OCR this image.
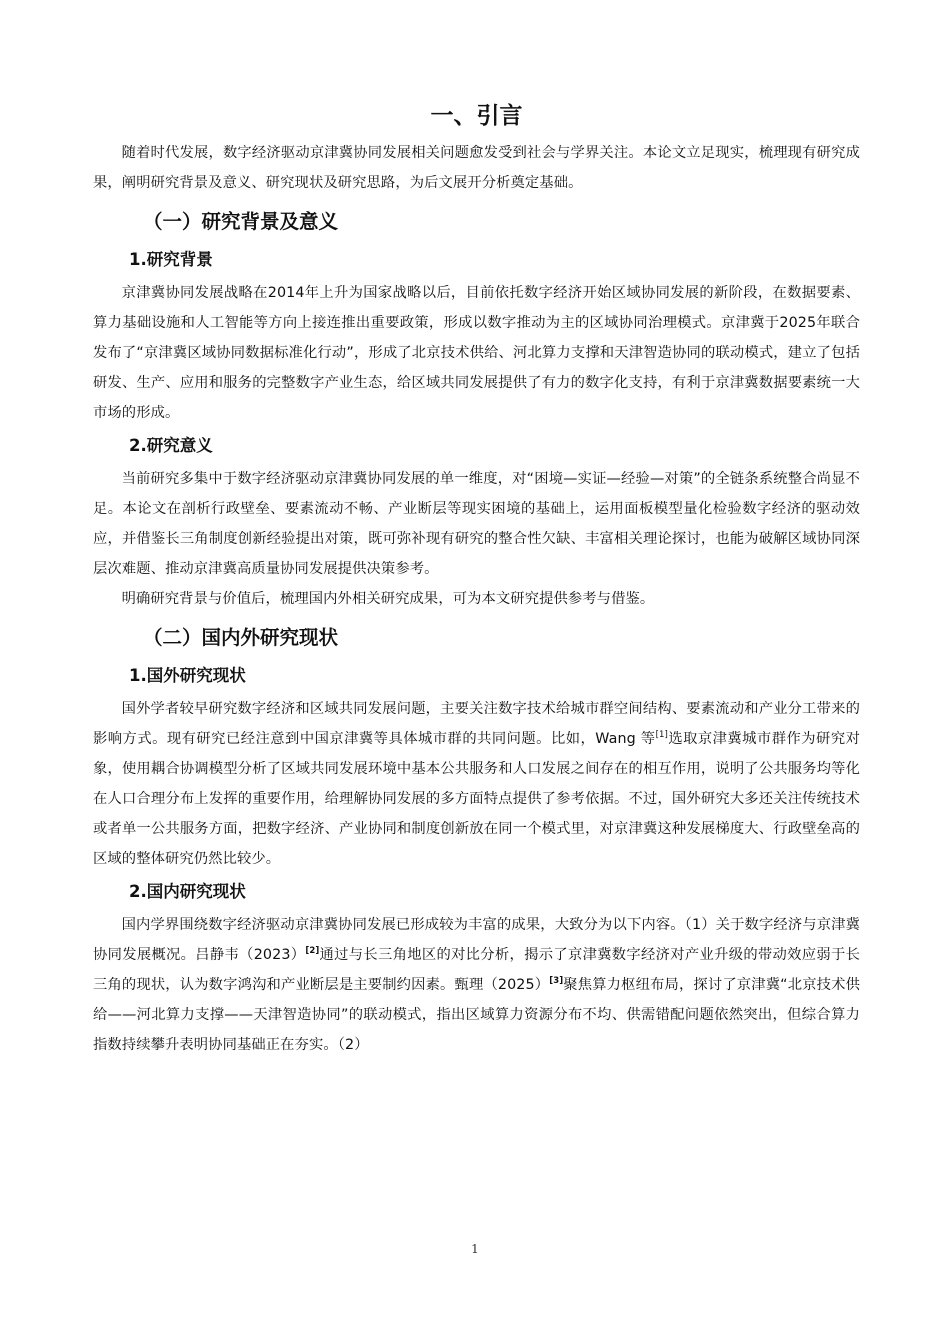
一、引言

随着时代发展，数字经济驱动京津冀协同发展相关问题愈发受到社会与学界关注。本论文立足现实，梳理现有研究成果，阐明研究背景及意义、研究现状及研究思路，为后文展开分析奠定基础。

（一）研究背景及意义
1.研究背景

京津冀协同发展战略在2014年上升为国家战略以后，目前依托数字经济开始区域协同发展的新阶段，在数据要素、算力基础设施和人工智能等方向上接连推出重要政策，形成以数字推动为主的区域协同治理模式。京津冀于2025年联合发布了“京津冀区域协同数据标准化行动”，形成了北京技术供给、河北算力支撑和天津智造协同的联动模式，建立了包括研发、生产、应用和服务的完整数字产业生态，给区域共同发展提供了有力的数字化支持，有利于京津冀数据要素统一大市场的形成。

2.研究意义

当前研究多集中于数字经济驱动京津冀协同发展的单一维度，对“困境—实证—经验—对策”的全链条系统整合尚显不足。本论文在剖析行政壁垒、要素流动不畅、产业断层等现实困境的基础上，运用面板模型量化检验数字经济的驱动效应，并借鉴长三角制度创新经验提出对策，既可弥补现有研究的整合性欠缺、丰富相关理论探讨，也能为破解区域协同深层次难题、推动京津冀高质量协同发展提供决策参考。

明确研究背景与价值后，梳理国内外相关研究成果，可为本文研究提供参考与借鉴。

（二）国内外研究现状
1.国外研究现状

国外学者较早研究数字经济和区域共同发展问题，主要关注数字技术给城市群空间结构、要素流动和产业分工带来的影响方式。现有研究已经注意到中国京津冀等具体城市群的共同问题。比如，Wang 等[1]选取京津冀城市群作为研究对象，使用耦合协调模型分析了区域共同发展环境中基本公共服务和人口发展之间存在的相互作用，说明了公共服务均等化在人口合理分布上发挥的重要作用，给理解协同发展的多方面特点提供了参考依据。不过，国外研究大多还关注传统技术或者单一公共服务方面，把数字经济、产业协同和制度创新放在同一个模式里，对京津冀这种发展梯度大、行政壁垒高的区域的整体研究仍然比较少。

2.国内研究现状

国内学界围绕数字经济驱动京津冀协同发展已形成较为丰富的成果，大致分为以下内容。（1）关于数字经济与京津冀协同发展概况。吕静韦（2023）[2]通过与长三角地区的对比分析，揭示了京津冀数字经济对产业升级的带动效应弱于长三角的现状，认为数字鸿沟和产业断层是主要制约因素。甄理（2025）[3]聚焦算力枢纽布局，探讨了京津冀“北京技术供给——河北算力支撑——天津智造协同”的联动模式，指出区域算力资源分布不均、供需错配问题依然突出，但综合算力指数持续攀升表明协同基础正在夯实。（2）

1
